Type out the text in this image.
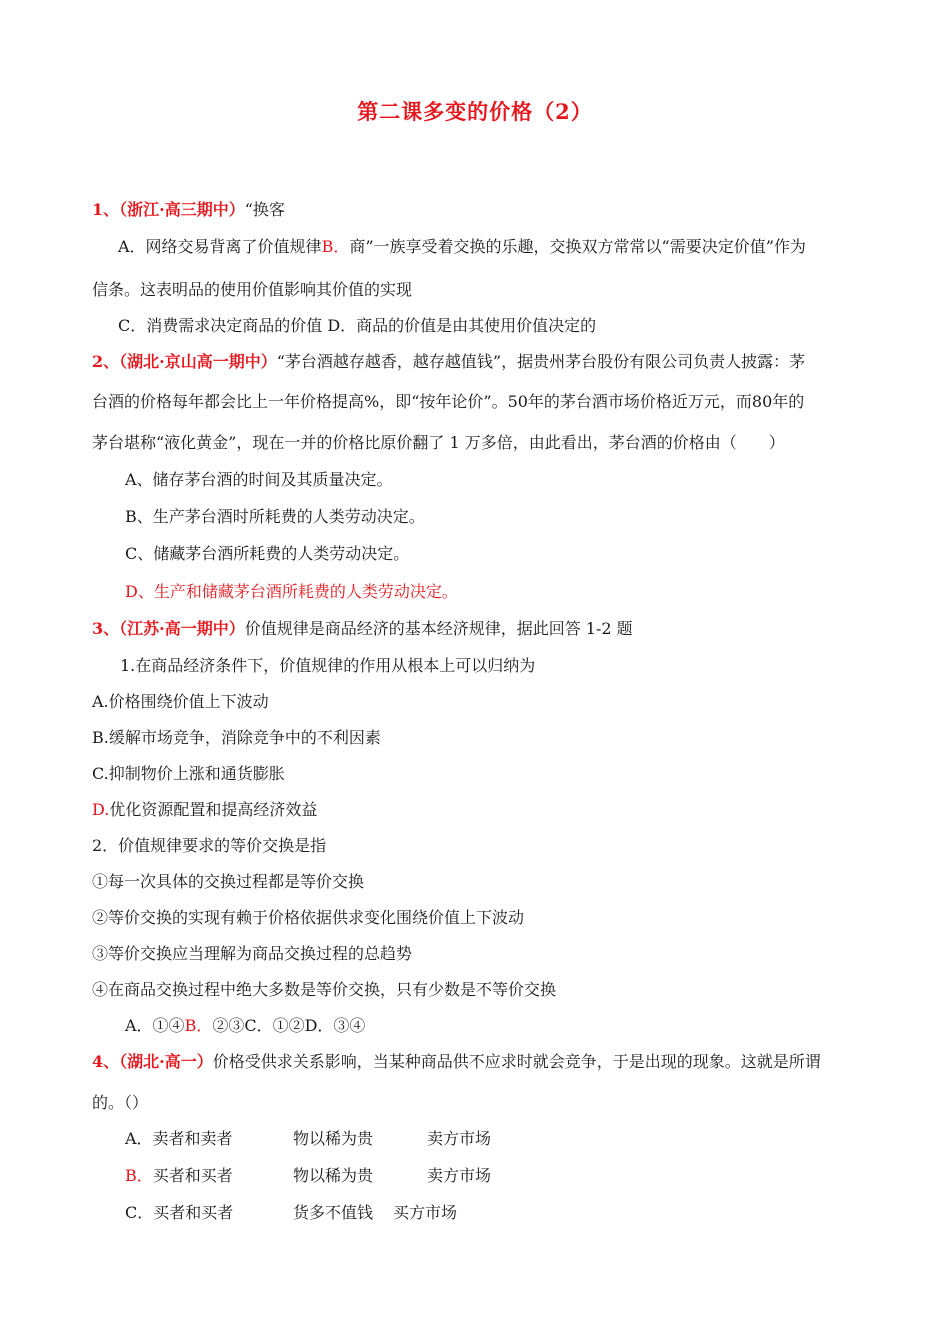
第二课多变的价格（2）
1、（浙江·高三期中）“换客
A．网络交易背离了价值规律B．商”一族享受着交换的乐趣，交换双方常常以“需要决定价值”作为
信条。这表明品的使用价值影响其价值的实现
C．消费需求决定商品的价值 D．商品的价值是由其使用价值决定的
2、（湖北·京山高一期中）“茅台酒越存越香，越存越值钱”，据贵州茅台股份有限公司负责人披露：茅
台酒的价格每年都会比上一年价格提高%，即“按年论价”。50年的茅台酒市场价格近万元，而80年的
茅台堪称“液化黄金”，现在一并的价格比原价翻了 1 万多倍，由此看出，茅台酒的价格由（　　）
A、储存茅台酒的时间及其质量决定。
B、生产茅台酒时所耗费的人类劳动决定。
C、储藏茅台酒所耗费的人类劳动决定。
D、生产和储藏茅台酒所耗费的人类劳动决定。
3、（江苏·高一期中）价值规律是商品经济的基本经济规律，据此回答 1-2 题
1.在商品经济条件下，价值规律的作用从根本上可以归纳为
A.价格围绕价值上下波动
B.缓解市场竞争，消除竞争中的不利因素
C.抑制物价上涨和通货膨胀
D.优化资源配置和提高经济效益
2．价值规律要求的等价交换是指
①每一次具体的交换过程都是等价交换
②等价交换的实现有赖于价格依据供求变化围绕价值上下波动
③等价交换应当理解为商品交换过程的总趋势
④在商品交换过程中绝大多数是等价交换，只有少数是不等价交换
A．①④B．②③C．①②D．③④
4、（湖北·高一）价格受供求关系影响，当某种商品供不应求时就会竞争，于是出现的现象。这就是所谓
的。（）
A．卖者和卖者	物以稀为贵	卖方市场
B．买者和买者	物以稀为贵	卖方市场
C．买者和买者	货多不值钱 买方市场
